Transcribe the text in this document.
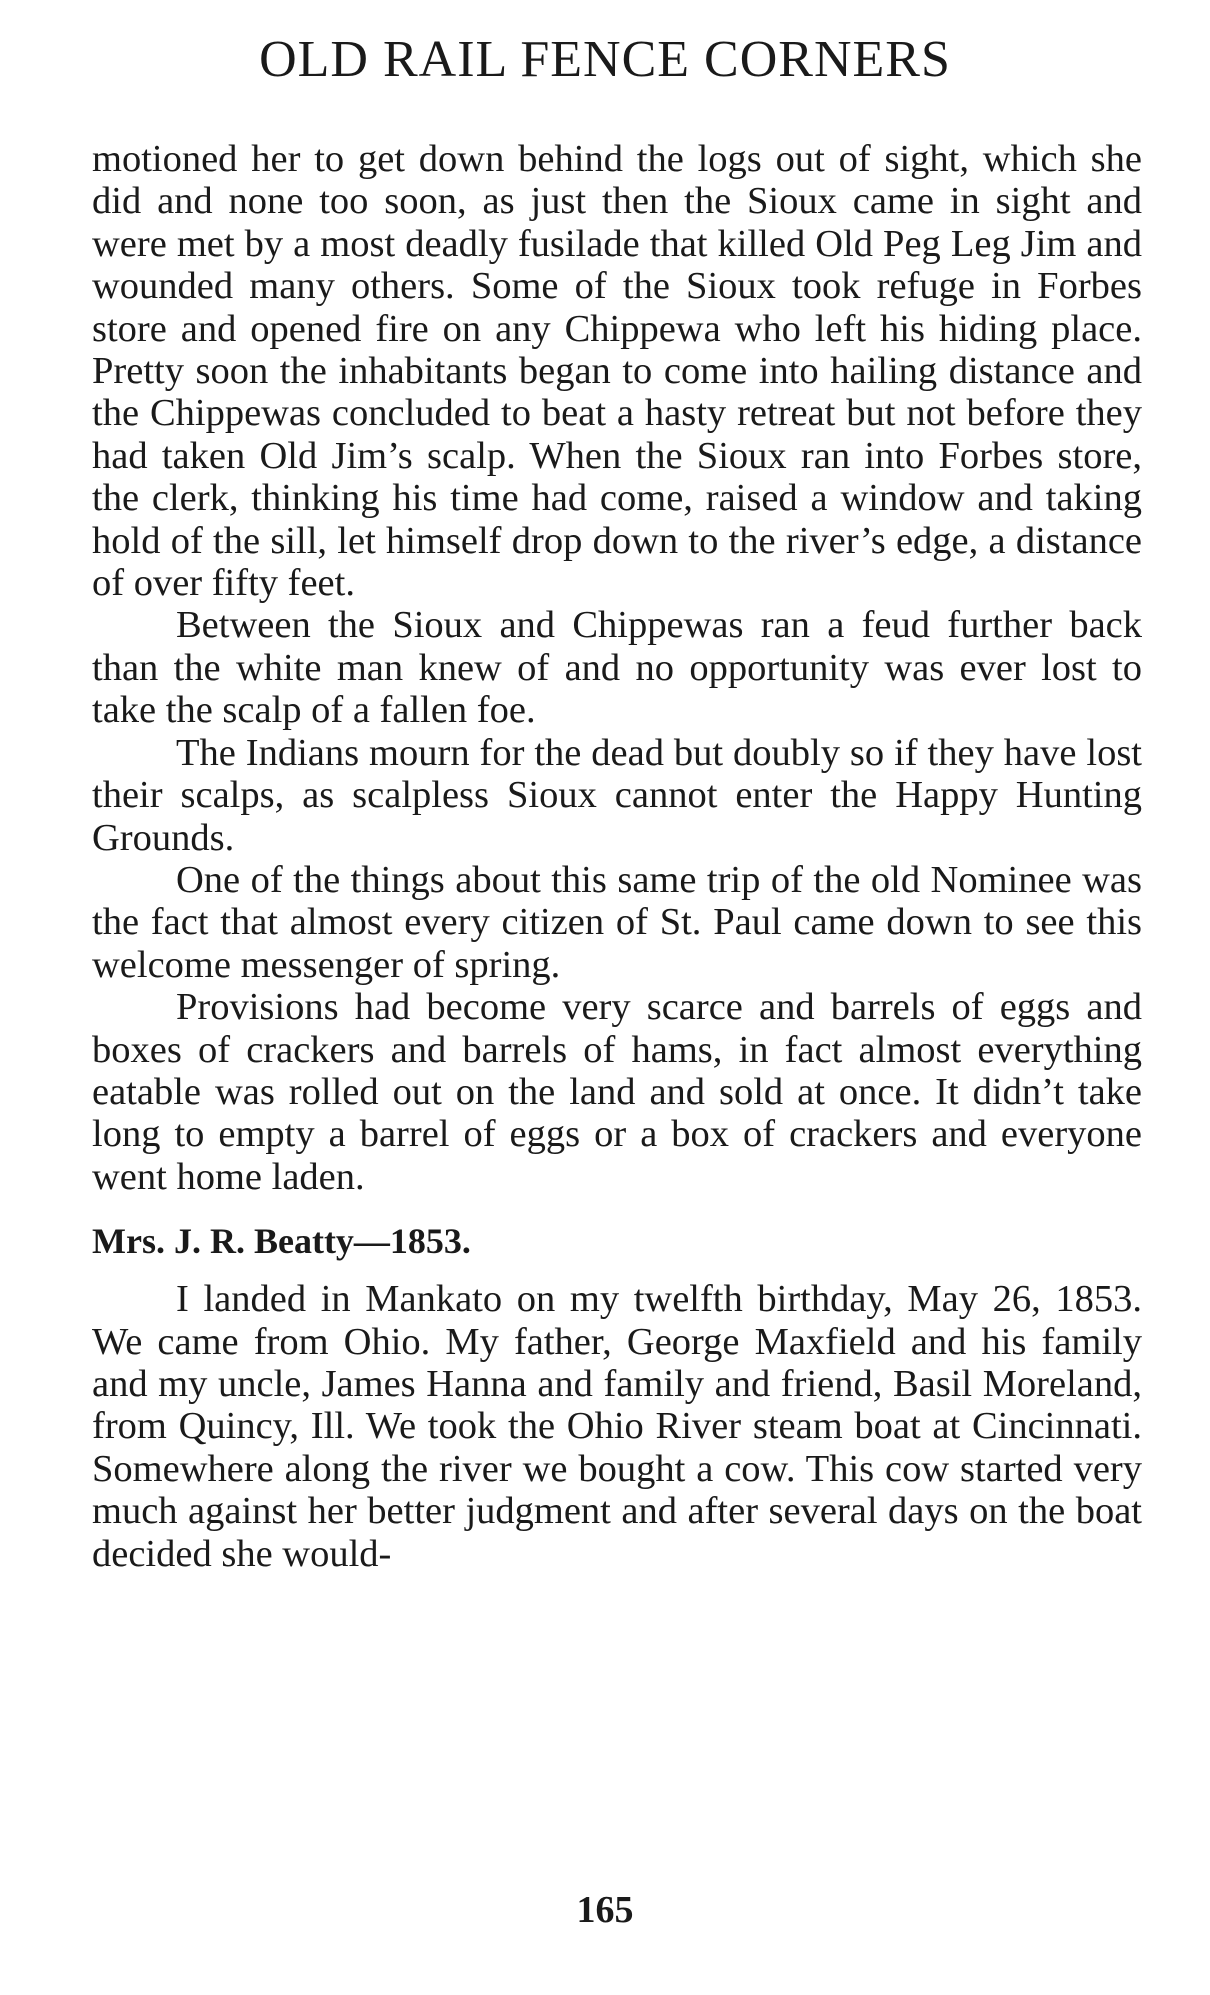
OLD RAIL FENCE CORNERS

motioned her to get down behind the logs out of sight, which she did and none too soon, as just then the Sioux came in sight and were met by a most deadly fusilade that killed Old Peg Leg Jim and wounded many others. Some of the Sioux took refuge in Forbes store and opened fire on any Chippewa who left his hiding place. Pretty soon the inhabitants began to come into hailing distance and the Chippewas concluded to beat a hasty retreat but not before they had taken Old Jim’s scalp. When the Sioux ran into Forbes store, the clerk, thinking his time had come, raised a window and taking hold of the sill, let himself drop down to the river’s edge, a distance of over fifty feet.

Between the Sioux and Chippewas ran a feud further back than the white man knew of and no opportunity was ever lost to take the scalp of a fallen foe.

The Indians mourn for the dead but doubly so if they have lost their scalps, as scalpless Sioux cannot enter the Happy Hunting Grounds.

One of the things about this same trip of the old Nominee was the fact that almost every citizen of St. Paul came down to see this welcome messenger of spring.

Provisions had become very scarce and barrels of eggs and boxes of crackers and barrels of hams, in fact almost everything eatable was rolled out on the land and sold at once. It didn’t take long to empty a barrel of eggs or a box of crackers and everyone went home laden.

Mrs. J. R. Beatty—1853.

I landed in Mankato on my twelfth birthday, May 26, 1853. We came from Ohio. My father, George Maxfield and his family and my uncle, James Hanna and family and friend, Basil Moreland, from Quincy, Ill. We took the Ohio River steam boat at Cincinnati. Somewhere along the river we bought a cow. This cow started very much against her better judgment and after several days on the boat decided she would-

165
